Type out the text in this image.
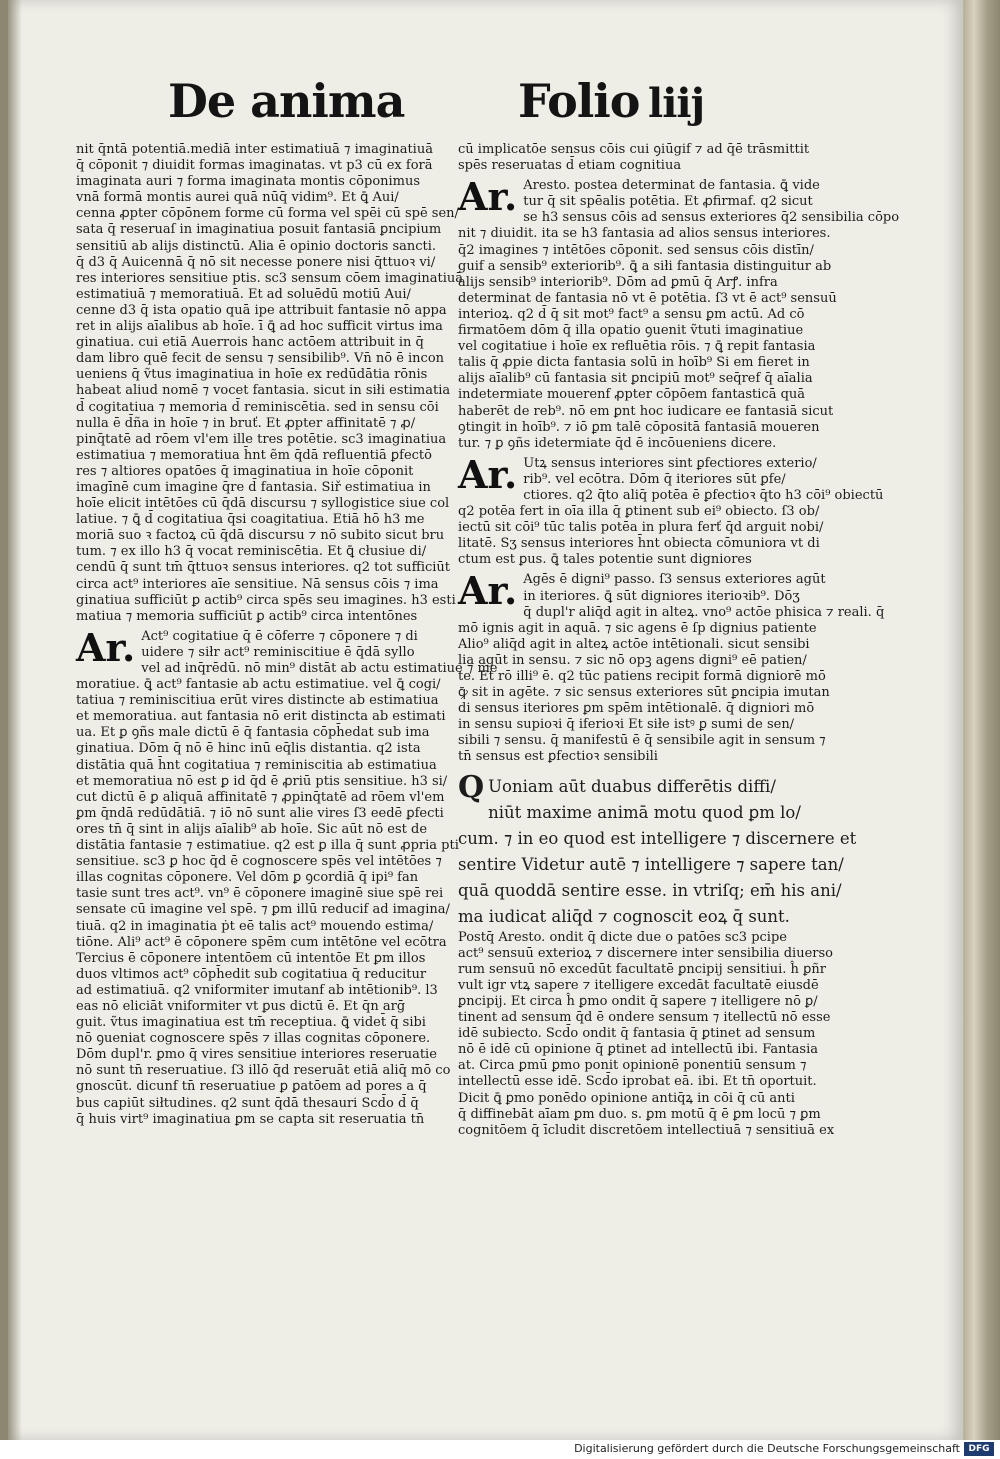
De anima Folio liij
nit q̄ntā potentiā.mediā inter estimatiuā ⁊ imaginatiuā
q̄ cōponit ⁊ diuidit formas imaginatas. vt p3 cū ex forā
imaginata auri ⁊ forma imaginata montis cōponimus
vnā formā montis aurei quā nūq̄ vidim⁹. Et ꝗ̄ Aui/
cenna ꝓpter cōpōnem forme cū forma vel spēi cū spē sen/
sata q̄ reseruaſ in imaginatiua posuit fantasiā ꝑncipium
sensitiū ab alijs distinctū. Alia ē opinio doctoris sancti.
q̄ d3 q̄ Auicennā q̄ nō sit necesse ponere nisi q̄ttuoꝛ vi/
res interiores sensitiue ptis. sc3 sensum cōem imaginatiuā
estimatiuā ⁊ memoratiuā. Et ad soluēdū motiū Aui/
cenne d3 q̄ ista opatio quā ipe attribuit fantasie nō appa
ret in alijs aīalibus ab hoīe. ī ꝗ̄ ad hoc sufficit virtus ima
ginatiua. cui etiā Auerrois hanc actōem attribuit in q̄
dam libro quē fecit de sensu ⁊ sensibilib⁹. Vn̄ nō ē incon
ueniens q̄ ṽtus imaginatiua in hoīe ex redūdātia rōnis
habeat aliud nomē ⁊ vocet fantasia. sicut in siłi estimatia
d̄ cogitatiua ⁊ memoria d̄ reminiscētia. sed in sensu cōi
nulla ē d̄ña in hoīe ⁊ in bruť. Et ꝓpter affinitatē ⁊ ꝓ/
pinq̄tatē ad rōem vl'em ille tres potētie. sc3 imaginatiua
estimatiua ⁊ memoratiua h̄nt ẽm q̄dā refluentiā ꝑfectō
res ⁊ altiores opatōes q̄ imaginatiua in hoīe cōponit
imagīnē cum imagine q̄re d̄ fantasia. Siř estimatiua in
hoīe elicit intētōes cū q̄dā discursu ⁊ syllogistice siue col
latiue. ⁊ ꝗ̄ d̄ cogitatiua q̄si coagitatiua. Etiā hō h3 me
moriā suo ꝛ factoꝝ cū q̄dā discursu ⁊ nō subito sicut bru
tum. ⁊ ex illo h3 q̄ vocat reminiscētia. Et ꝗ̄ cłusiue di/
cendū q̄ sunt tm̄ q̄ttuoꝛ sensus interiores. q2 tot sufficiūt
circa act⁹ interiores aīe sensitiue. Nā sensus cōis ⁊ ima
ginatiua sufficiūt ꝑ actib⁹ circa spēs seu imagines. h3 esti
matiua ⁊ memoria sufficiūt ꝑ actib⁹ circa intentōnes
Ar. Act⁹ cogitatiue q̄ ē cōferre ⁊ cōponere ⁊ di
uidere ⁊ siłr act⁹ reminiscitiue ē q̄dā syllo
vel ad inq̄rēdū. nō min⁹ distāt ab actu estimatiue ⁊ me
moratiue. ꝗ̄ act⁹ fantasie ab actu estimatiue. vel ꝗ̄ cogi/
tatiua ⁊ reminiscitiua erūt vires distincte ab estimatiua
et memoratiua. aut fantasia nō erit distincta ab estimati
ua. Et ꝑ ꝯñs male dictū ē q̄ fantasia cōph̄edat sub ima
ginatiua. Dōm q̄ nō ē hinc inū eq̄lis distantia. q2 ista
distātia quā h̄nt cogitatiua ⁊ reminiscitia ab estimatiua
et memoratiua nō est ꝑ id q̄d ē ꝓriū ptis sensitiue. h3 si/
cut dictū ē ꝑ aliquā affinitatē ⁊ ꝓpinq̄tatē ad rōem vl'em
ꝑm q̄ndā redūdātiā. ⁊ iō nō sunt alie vires ſ3 eedē ꝑfecti
ores tn̄ q̄ sint in alijs aīalib⁹ ab hoīe. Sic aūt nō est de
distātia fantasie ⁊ estimatiue. q2 est ꝑ illa q̄ sunt ꝓpria pti
sensitiue. sc3 ꝑ hoc q̄d ē cognoscere spēs vel intētōes ⁊
illas cognitas cōponere. Vel dōm ꝑ ꝯcordiā q̄ ipi⁹ fan
tasie sunt tres act⁹. vn⁹ ē cōponere imaginē siue spē rei
sensate cū imagine vel spē. ⁊ ꝑm illū reducif ad imagina/
tiuā. q2 in imaginatia ṗt eē talis act⁹ mouendo estima/
tiōne. Ali⁹ act⁹ ē cōponere spēm cum intētōne vel ecōtra
Tercius ē cōponere intentōem cū intentōe Et ꝑm illos
duos vltimos act⁹ cōph̄edit sub cogitatiua q̄ reducitur
ad estimatiuā. q2 vniformiter imutanf ab intētionib⁹. l3
eas nō eliciāt vniformiter vt ꝑus dictū ē. Et q̄n arḡ
guit. ṽtus imaginatiua est tm̄ receptiua. ꝗ̄ videt̄ q̄ sibi
nō ꝯueniat cognoscere spēs ⁊ illas cognitas cōponere.
Dōm dupl'r. ꝑmo q̄ vires sensitiue interiores reseruatie
nō sunt tn̄ reseruatiue. ſ3 illō q̄d reseruāt etiā aliq̄ mō co
gnoscūt. dicunf tn̄ reseruatiue ꝑ ꝑatōem ad pores a q̄
bus capiūt siłtudines. q2 sunt q̄dā thesauri Scd̄o d̄ q̄
q̄ huis virt⁹ imaginatiua ꝑm se capta sit reseruatia tn̄
cū implicatōe sensus cōis cui ꝯiūgif ⁊ ad q̄ē trāsmittit
spēs reseruatas d̄ etiam cognitiua
Ar. Aresto. postea determinat de fantasia. ꝗ̄ vide
tur q̄ sit spēalis potētia. Et ꝓfirmaf. q2 sicut
se h3 sensus cōis ad sensus exteriores q̄2 sensibilia cōpo
nit ⁊ diuidit. ita se h3 fantasia ad alios sensus interiores.
q̄2 imagines ⁊ intētōes cōponit. sed sensus cōis distīn/
guif a sensib⁹ exteriorib⁹. ꝗ̄ a siłi fantasia distinguitur ab
alijs sensib⁹ interiorib⁹. Dōm ad ꝑmū q̄ Arꝭ. infra
determinat de fantasia nō vt ē potētia. ſ3 vt ē act⁹ sensuū
interioꝝ. q2 d̄ q̄ sit mot⁹ fact⁹ a sensu ꝑm actū. Ad cō
firmatōem dōm q̄ illa opatio ꝯuenit ṽtuti imaginatiue
vel cogitatiue i hoīe ex refluētia rōis. ⁊ ꝗ̄ repit fantasia
talis q̄ ꝓpie dicta fantasia solū in hoīb⁹ Si em fieret in
alijs aīalib⁹ cū fantasia sit ꝑncipiū mot⁹ seq̄ref q̄ aīalia
indetermiate mouerenf ꝓpter cōpōem fantasticā quā
haberēt de reb⁹. nō em ꝑnt hoc iudicare ee fantasiā sicut
ꝯtingit in hoīb⁹. ⁊ iō ꝑm talē cōpositā fantasiā moueren
tur. ⁊ ꝑ ꝯñs idetermiate q̄d ē incōueniens dicere.
Ar. Utꝝ sensus interiores sint ꝑfectiores exterio/
rib⁹. vel ecōtra. Dōm q̄ iteriores sūt ꝑfe/
ctiores. q2 q̄to aliq̄ potēa ē ꝑfectioꝛ q̄to h3 cōi⁹ obiectū
q2 potēa fert in oīa illa q̄ ꝑtinent sub ei⁹ obiecto. ſ3 ob/
iectū sit cōi⁹ tūc talis potēa in plura ferť q̄d arguit nobi/
litatē. Sʒ sensus interiores h̄nt obiecta cōmuniora vt di
ctum est ꝑus. ꝗ̄ tales potentie sunt digniores
Ar. Agēs ē digni⁹ passo. ſ3 sensus exteriores agūt
in iteriores. ꝗ̄ sūt digniores iterioꝛib⁹. Dōʒ
q̄ dupl'r aliq̄d agit in alteꝝ. vno⁹ actōe phisica ⁊ reali. q̄
mō ignis agit in aquā. ⁊ sic agens ē ſp dignius patiente
Alio⁹ aliq̄d agit in alteꝝ actōe intētionali. sicut sensibi
lia agūt in sensu. ⁊ sic nō opꝫ agens digni⁹ eē patien/
te. Et rō illi⁹ ē. q2 tūc patiens recipit formā digniorē mō
ꝙ̄ sit in agēte. ⁊ sic sensus exteriores sūt ꝑncipia imutan
di sensus iteriores ꝑm spēm intētionalē. q̄ digniori mō
in sensu supioꝛi q̄ iferioꝛi Et siłe istꝰ ꝑ sumi de sen/
sibili ⁊ sensu. q̄ manifestū ē q̄ sensibile agit in sensum ⁊
tn̄ sensus est ꝑfectioꝛ sensibili
Q Uoniam aūt duabus differētis diffi/
niūt maxime animā motu quod ꝑm lo/
cum. ⁊ in eo quod est intelligere ⁊ discernere et
sentire Videtur autē ⁊ intelligere ⁊ sapere tan/
quā quoddā sentire esse. in vtriſq; em̄ his ani/
ma iudicat aliq̄d ⁊ cognoscit eoꝝ q̄ sunt.
Postq̄ Aresto. ondit q̄ dicte due o patōes sc3 pcipe
act⁹ sensuū exterioꝝ ⁊ discernere inter sensibilia diuerso
rum sensuū nō excedūt facultatē ꝑncipij sensitiui. ĥ ꝑñr
vult igr vtꝝ sapere ⁊ itelligere excedāt facultatē eiusdē
ꝑncipij. Et circa ĥ ꝑmo ondit q̄ sapere ⁊ itelligere nō ꝑ/
tinent ad sensum q̄d ē ondere sensum ⁊ itellectū nō esse
idē subiecto. Scd̄o ondit q̄ fantasia q̄ ꝑtinet ad sensum
nō ē idē cū opinione q̄ ꝑtinet ad intellectū ibi. Fantasia
at. Circa ꝑmū ꝑmo ponit opinionē ponentiū sensum ⁊
intellectū esse idē. Scd̄o iprobat eā. ibi. Et tn̄ oportuit.
Dicit ꝗ̄ ꝑmo ponēdo opinione antiq̄ꝝ in cōi q̄ cū anti
q̄ diffinebāt aīam ꝑm duo. s. ꝑm motū q̄ ē ꝑm locū ⁊ ꝑm
cognitōem q̄ īcludit discretōem intellectiuā ⁊ sensitiuā ex
Digitalisierung gefördert durch die Deutsche Forschungsgemeinschaft DFG
